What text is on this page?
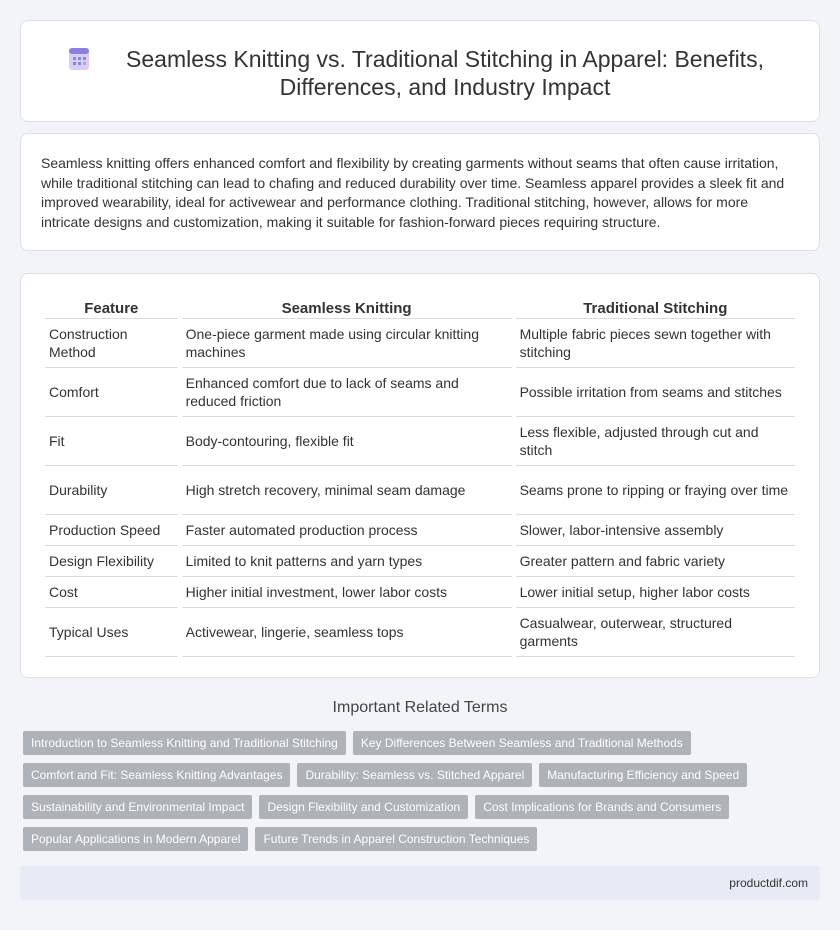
Seamless Knitting vs. Traditional Stitching in Apparel: Benefits, Differences, and Industry Impact

Seamless knitting offers enhanced comfort and flexibility by creating garments without seams that often cause irritation, while traditional stitching can lead to chafing and reduced durability over time. Seamless apparel provides a sleek fit and improved wearability, ideal for activewear and performance clothing. Traditional stitching, however, allows for more intricate designs and customization, making it suitable for fashion-forward pieces requiring structure.

Feature	Seamless Knitting	Traditional Stitching
Construction Method	One-piece garment made using circular knitting machines	Multiple fabric pieces sewn together with stitching
Comfort	Enhanced comfort due to lack of seams and reduced friction	Possible irritation from seams and stitches
Fit	Body-contouring, flexible fit	Less flexible, adjusted through cut and stitch
Durability	High stretch recovery, minimal seam damage	Seams prone to ripping or fraying over time
Production Speed	Faster automated production process	Slower, labor-intensive assembly
Design Flexibility	Limited to knit patterns and yarn types	Greater pattern and fabric variety
Cost	Higher initial investment, lower labor costs	Lower initial setup, higher labor costs
Typical Uses	Activewear, lingerie, seamless tops	Casualwear, outerwear, structured garments
Important Related Terms
Introduction to Seamless Knitting and Traditional Stitching	Key Differences Between Seamless and Traditional Methods
Comfort and Fit: Seamless Knitting Advantages	Durability: Seamless vs. Stitched Apparel	Manufacturing Efficiency and Speed
Sustainability and Environmental Impact	Design Flexibility and Customization	Cost Implications for Brands and Consumers
Popular Applications in Modern Apparel	Future Trends in Apparel Construction Techniques
productdif.com
